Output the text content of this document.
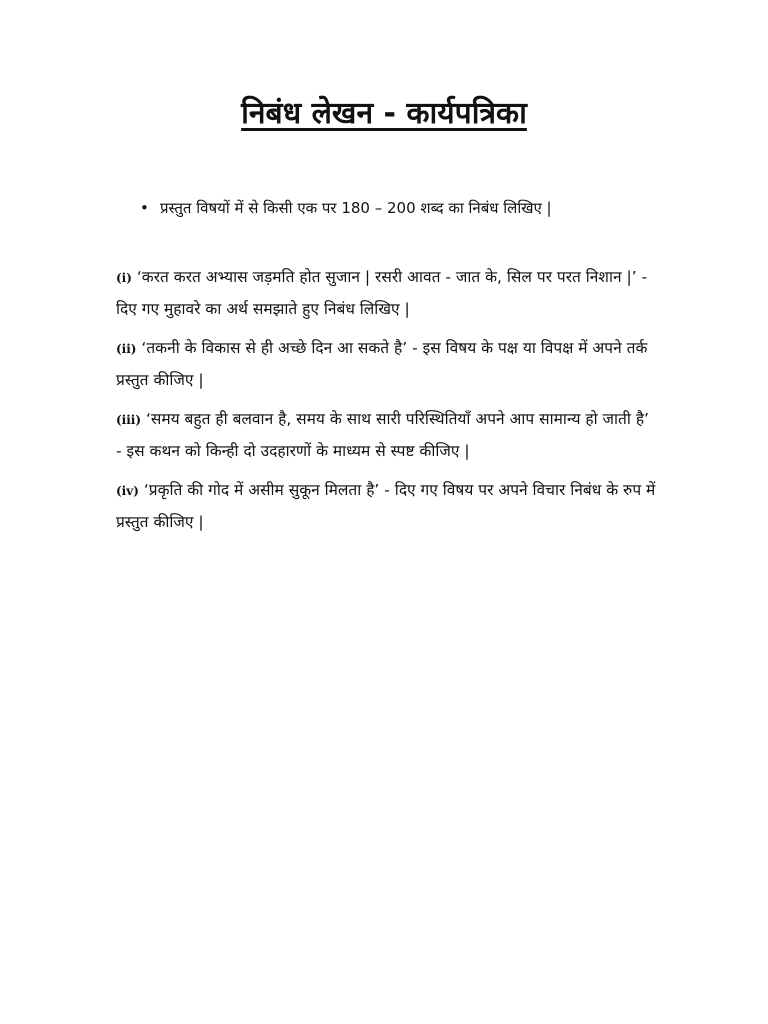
निबंध लेखन - कार्यपत्रिका
• प्रस्तुत विषयों में से किसी एक पर 180 – 200 शब्द का निबंध लिखिए |

(i) ‘करत करत अभ्यास जड़मति होत सुजान | रसरी आवत - जात के, सिल पर परत निशान |’ - दिए गए मुहावरे का अर्थ समझाते हुए निबंध लिखिए |

(ii) ‘तकनी के विकास से ही अच्छे दिन आ सकते है’ - इस विषय के पक्ष या विपक्ष में अपने तर्क प्रस्तुत कीजिए |

(iii) ‘समय बहुत ही बलवान है, समय के साथ सारी परिस्थितियाँ अपने आप सामान्य हो जाती है’ - इस कथन को किन्ही दो उदहारणों के माध्यम से स्पष्ट कीजिए |

(iv) ‘प्रकृति की गोद में असीम सुकून मिलता है’ - दिए गए विषय पर अपने विचार निबंध के रुप में प्रस्तुत कीजिए |
